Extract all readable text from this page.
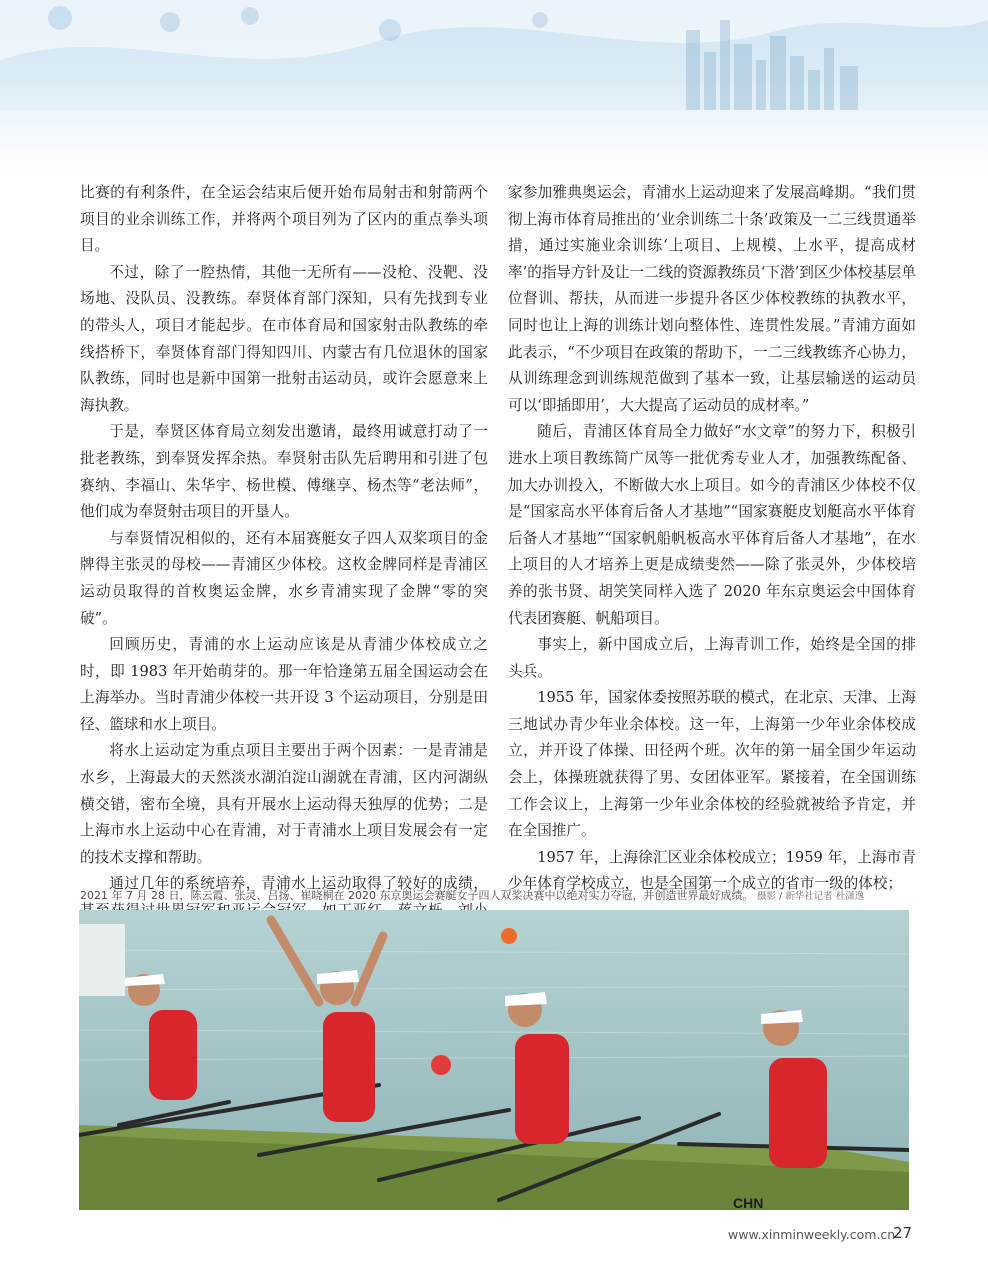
比赛的有利条件，在全运会结束后便开始布局射击和射箭两个项目的业余训练工作，并将两个项目列为了区内的重点拳头项目。

不过，除了一腔热情，其他一无所有——没枪、没靶、没场地、没队员、没教练。奉贤体育部门深知，只有先找到专业的带头人，项目才能起步。在市体育局和国家射击队教练的牵线搭桥下，奉贤体育部门得知四川、内蒙古有几位退休的国家队教练，同时也是新中国第一批射击运动员，或许会愿意来上海执教。

于是，奉贤区体育局立刻发出邀请，最终用诚意打动了一批老教练，到奉贤发挥余热。奉贤射击队先后聘用和引进了包赛纳、李福山、朱华宇、杨世模、傅继享、杨杰等“老法师”，他们成为奉贤射击项目的开垦人。

与奉贤情况相似的，还有本届赛艇女子四人双桨项目的金牌得主张灵的母校——青浦区少体校。这枚金牌同样是青浦区运动员取得的首枚奥运金牌，水乡青浦实现了金牌“零的突破”。

回顾历史，青浦的水上运动应该是从青浦少体校成立之时，即 1983 年开始萌芽的。那一年恰逢第五届全国运动会在上海举办。当时青浦少体校一共开设 3 个运动项目，分别是田径、篮球和水上项目。

将水上运动定为重点项目主要出于两个因素：一是青浦是水乡，上海最大的天然淡水湖泊淀山湖就在青浦，区内河湖纵横交错，密布全境，具有开展水上运动得天独厚的优势；二是上海市水上运动中心在青浦，对于青浦水上项目发展会有一定的技术支撑和帮助。

通过几年的系统培养，青浦水上运动取得了较好的成绩，

家参加雅典奥运会，青浦水上运动迎来了发展高峰期。“我们贯彻上海市体育局推出的‘业余训练二十条’政策及一二三线贯通举措，通过实施业余训练‘上项目、上规模、上水平，提高成材率’的指导方针及让一二线的资源教练员‘下潜’到区少体校基层单位督训、帮扶，从而进一步提升各区少体校教练的执教水平，同时也让上海的训练计划向整体性、连贯性发展。”青浦方面如此表示，“不少项目在政策的帮助下，一二三线教练齐心协力，从训练理念到训练规范做到了基本一致，让基层输送的运动员可以‘即插即用’，大大提高了运动员的成材率。”

随后，青浦区体育局全力做好“水文章”的努力下，积极引进水上项目教练简广凤等一批优秀专业人才，加强教练配备、加大办训投入，不断做大水上项目。如今的青浦区少体校不仅是“国家高水平体育后备人才基地”“国家赛艇皮划艇高水平体育后备人才基地”“国家帆船帆板高水平体育后备人才基地”，在水上项目的人才培养上更是成绩斐然——除了张灵外，少体校培养的张书贤、胡笑笑同样入选了 2020 年东京奥运会中国体育代表团赛艇、帆船项目。

事实上，新中国成立后，上海青训工作，始终是全国的排头兵。

1955 年，国家体委按照苏联的模式，在北京、天津、上海三地试办青少年业余体校。这一年，上海第一少年业余体校成立，并开设了体操、田径两个班。次年的第一届全国少年运动会上，体操班就获得了男、女团体亚军。紧接着，在全国训练工作会议上，上海第一少年业余体校的经验就被给予肯定，并在全国推广。

1957 年，上海徐汇区业余体校成立；1959 年，上海市青少年体育学校成立，也是全国第一个成立的省市一级的体校；

2021 年 7 月 28 日，陈云霞、张灵、吕扬、崔晓桐在 2020 东京奥运会赛艇女子四人双桨决赛中以绝对实力夺冠，并创造世界最好成绩。 摄影 / 新华社记者 杜潇逸
CHN
www.xinminweekly.com.cn
27
